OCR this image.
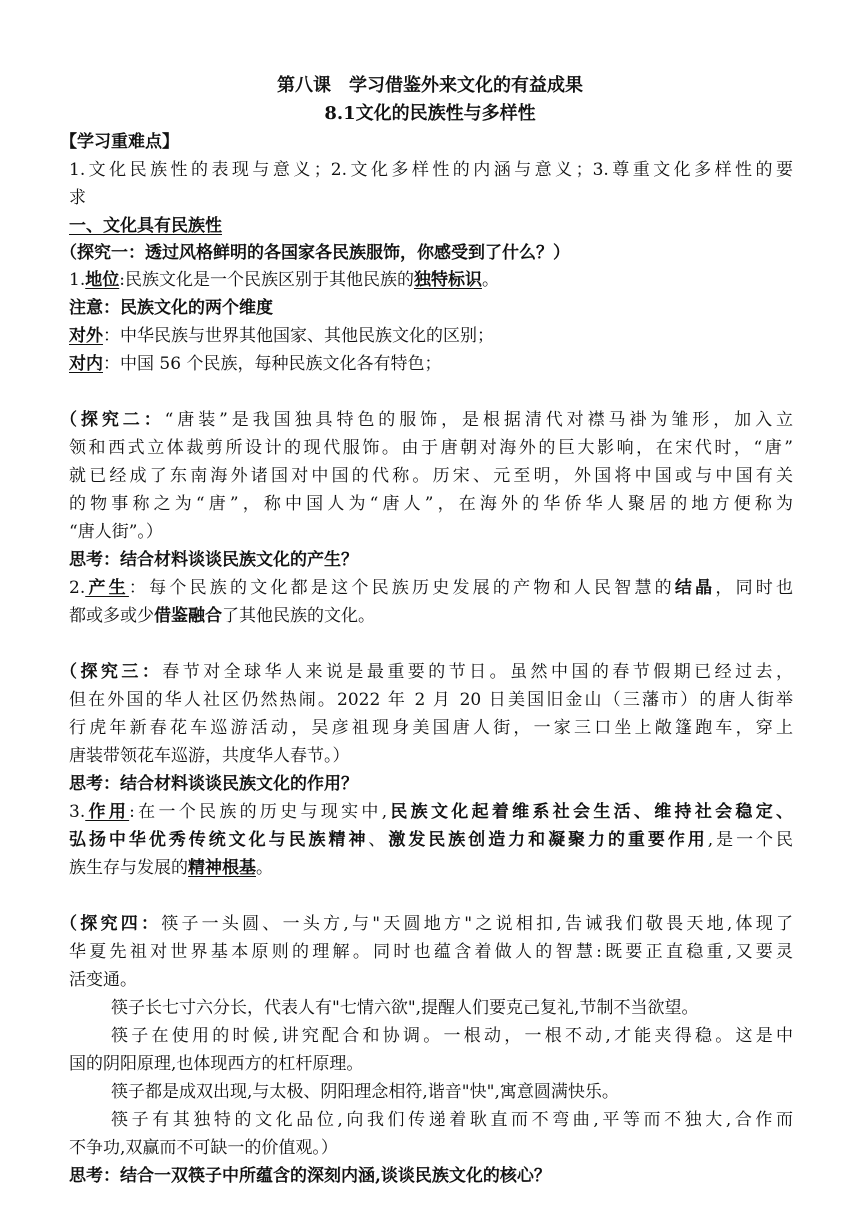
第八课　学习借鉴外来文化的有益成果
8.1文化的民族性与多样性
【学习重难点】
1.文化民族性的表现与意义；2.文化多样性的内涵与意义；3.尊重文化多样性的要
求
一、文化具有民族性
（探究一：透过风格鲜明的各国家各民族服饰，你感受到了什么？）
1.地位:民族文化是一个民族区别于其他民族的独特标识。
注意：民族文化的两个维度
对外：中华民族与世界其他国家、其他民族文化的区别；
对内：中国 56 个民族，每种民族文化各有特色；
（探究二：“唐装”是我国独具特色的服饰，是根据清代对襟马褂为雏形，加入立
领和西式立体裁剪所设计的现代服饰。由于唐朝对海外的巨大影响，在宋代时，“唐”
就已经成了东南海外诸国对中国的代称。历宋、元至明，外国将中国或与中国有关
的物事称之为“唐”，称中国人为“唐人”，在海外的华侨华人聚居的地方便称为
“唐人街”。）
思考：结合材料谈谈民族文化的产生？
2.产生：每个民族的文化都是这个民族历史发展的产物和人民智慧的结晶，同时也
都或多或少借鉴融合了其他民族的文化。
（探究三：春节对全球华人来说是最重要的节日。虽然中国的春节假期已经过去，
但在外国的华人社区仍然热闹。2022 年 2 月 20 日美国旧金山（三藩市）的唐人街举
行虎年新春花车巡游活动，吴彦祖现身美国唐人街，一家三口坐上敞篷跑车，穿上
唐装带领花车巡游，共度华人春节。）
思考：结合材料谈谈民族文化的作用？
3.作用:在一个民族的历史与现实中,民族文化起着维系社会生活、维持社会稳定、
弘扬中华优秀传统文化与民族精神、激发民族创造力和凝聚力的重要作用,是一个民
族生存与发展的精神根基。
（探究四：筷子一头圆、一头方,与"天圆地方"之说相扣,告诫我们敬畏天地,体现了
华夏先祖对世界基本原则的理解。同时也蕴含着做人的智慧:既要正直稳重,又要灵
活变通。
筷子长七寸六分长，代表人有"七情六欲",提醒人们要克己复礼,节制不当欲望。
筷子在使用的时候,讲究配合和协调。一根动，一根不动,才能夹得稳。这是中
国的阴阳原理,也体现西方的杠杆原理。
筷子都是成双出现,与太极、阴阳理念相符,谐音"快",寓意圆满快乐。
筷子有其独特的文化品位,向我们传递着耿直而不弯曲,平等而不独大,合作而
不争功,双赢而不可缺一的价值观。）
思考：结合一双筷子中所蕴含的深刻内涵,谈谈民族文化的核心？
